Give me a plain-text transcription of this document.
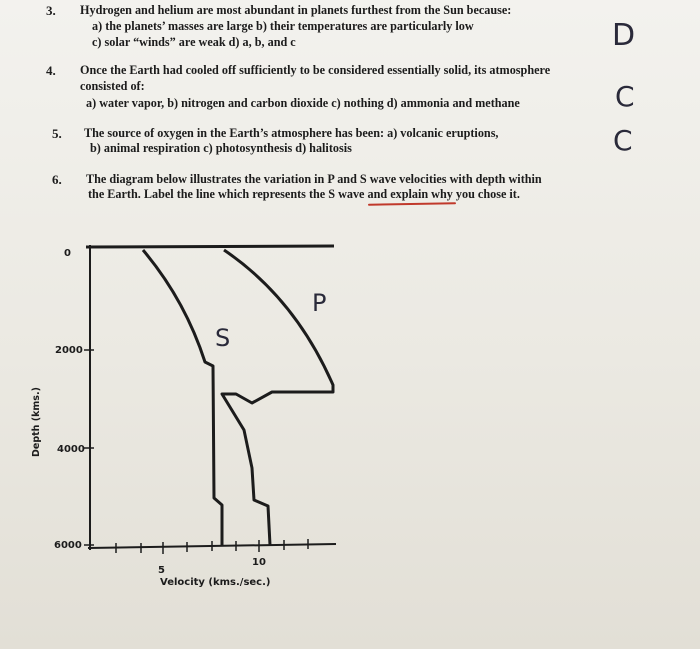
3. Hydrogen and helium are most abundant in planets furthest from the Sun because:
a) the planets’ masses are large b) their temperatures are particularly low
c) solar “winds” are weak d) a, b, and c	D
4. Once the Earth had cooled off sufficiently to be considered essentially solid, its atmosphere
consisted of:
a) water vapor, b) nitrogen and carbon dioxide c) nothing d) ammonia and methane	C
5. The source of oxygen in the Earth’s atmosphere has been: a) volcanic eruptions,
b) animal respiration c) photosynthesis d) halitosis	C
6. The diagram below illustrates the variation in P and S wave velocities with depth within
the Earth. Label the line which represents the S wave and explain why you chose it.
S
P
0
2000
4000
6000
Depth (kms.)
5
10
Velocity (kms./sec.)
